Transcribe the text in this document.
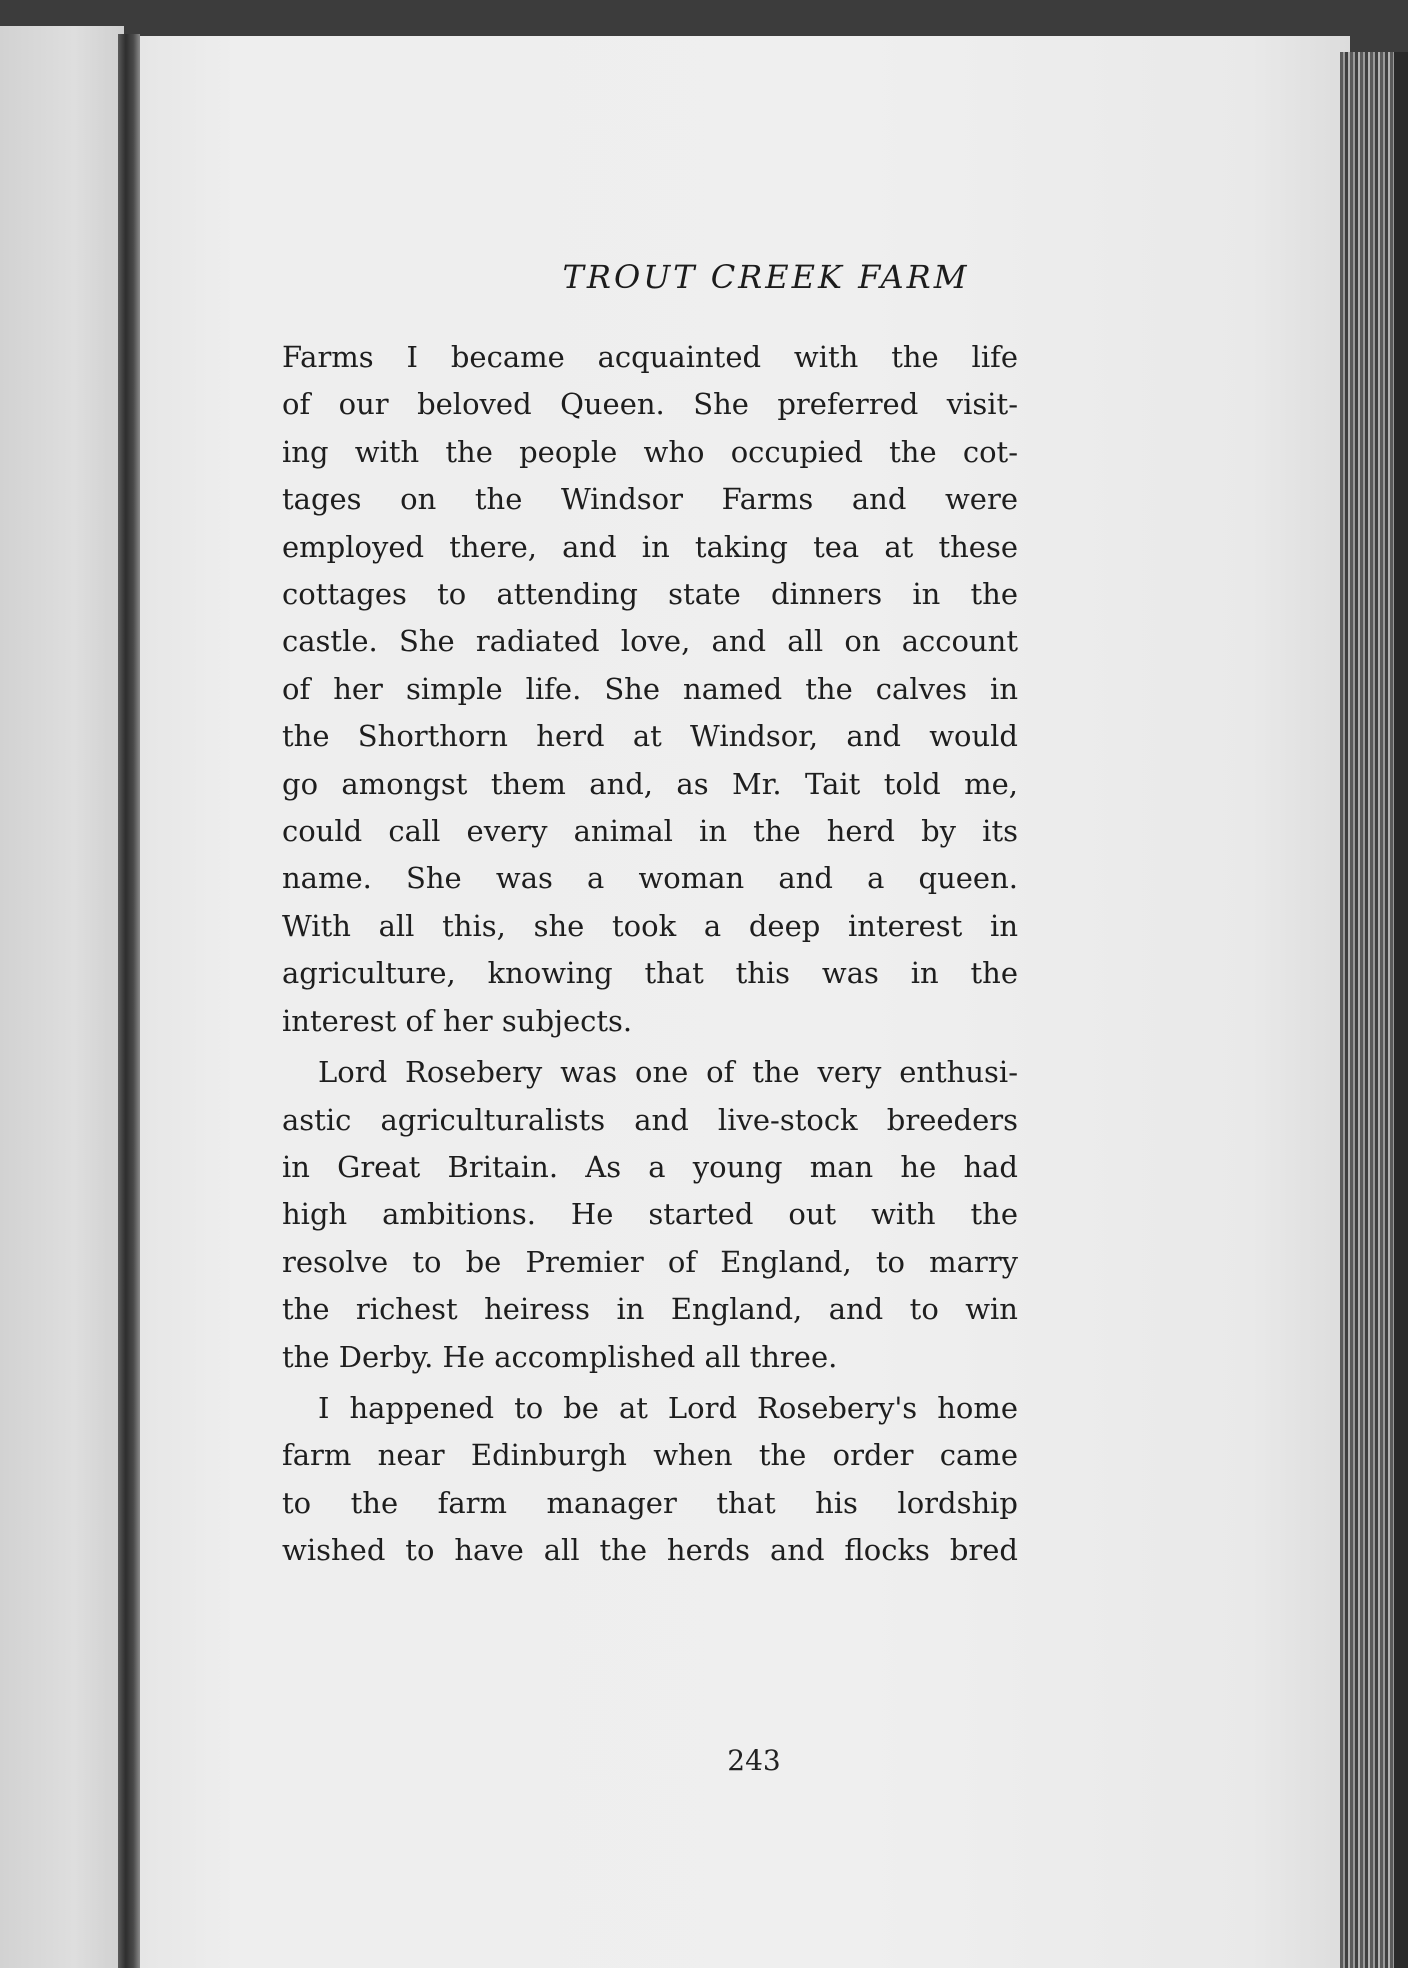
TROUT CREEK FARM

Farms I became acquainted with the life
of our beloved Queen. She preferred visit-
ing with the people who occupied the cot-
tages on the Windsor Farms and were
employed there, and in taking tea at these
cottages to attending state dinners in the
castle. She radiated love, and all on account
of her simple life. She named the calves in
the Shorthorn herd at Windsor, and would
go amongst them and, as Mr. Tait told me,
could call every animal in the herd by its
name. She was a woman and a queen.
With all this, she took a deep interest in
agriculture, knowing that this was in the
interest of her subjects.

Lord Rosebery was one of the very enthusi-
astic agriculturalists and live-stock breeders
in Great Britain. As a young man he had
high ambitions. He started out with the
resolve to be Premier of England, to marry
the richest heiress in England, and to win
the Derby. He accomplished all three.

I happened to be at Lord Rosebery's home
farm near Edinburgh when the order came
to the farm manager that his lordship
wished to have all the herds and flocks bred

243
